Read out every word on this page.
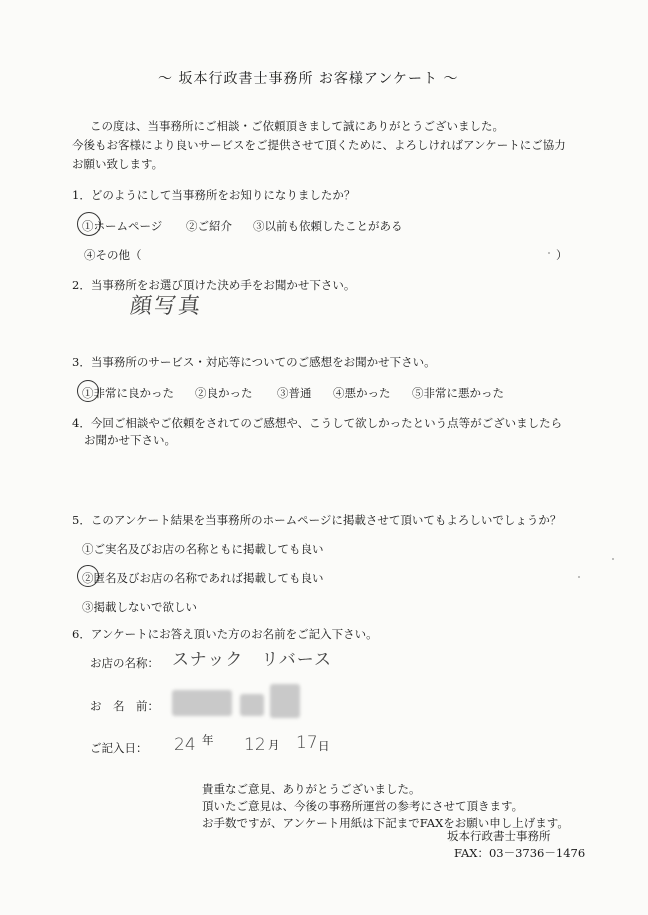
〜 坂本行政書士事務所 お客様アンケート 〜
この度は、当事務所にご相談・ご依頼頂きまして誠にありがとうございました。
今後もお客様により良いサービスをご提供させて頂くために、よろしければアンケートにご協力
お願い致します。
1．どのようにして当事務所をお知りになりましたか？
①ホームページ ②ご紹介 ③以前も依頼したことがある
④その他（	）
2．当事務所をお選び頂けた決め手をお聞かせ下さい。
顔写真
3．当事務所のサービス・対応等についてのご感想をお聞かせ下さい。
①非常に良かった ②良かった ③普通 ④悪かった ⑤非常に悪かった
4．今回ご相談やご依頼をされてのご感想や、こうして欲しかったという点等がございましたら
お聞かせ下さい。
5．このアンケート結果を当事務所のホームページに掲載させて頂いてもよろしいでしょうか？
①ご実名及びお店の名称ともに掲載しても良い
②匿名及びお店の名称であれば掲載しても良い
③掲載しないで欲しい
6．アンケートにお答え頂いた方のお名前をご記入下さい。
お店の名称： スナック　リバース
お　名　前：
ご記入日： 24 年 12 月 17 日
貴重なご意見、ありがとうございました。
頂いたご意見は、今後の事務所運営の参考にさせて頂きます。
お手数ですが、アンケート用紙は下記までFAXをお願い申し上げます。
坂本行政書士事務所
FAX：03－3736－1476
